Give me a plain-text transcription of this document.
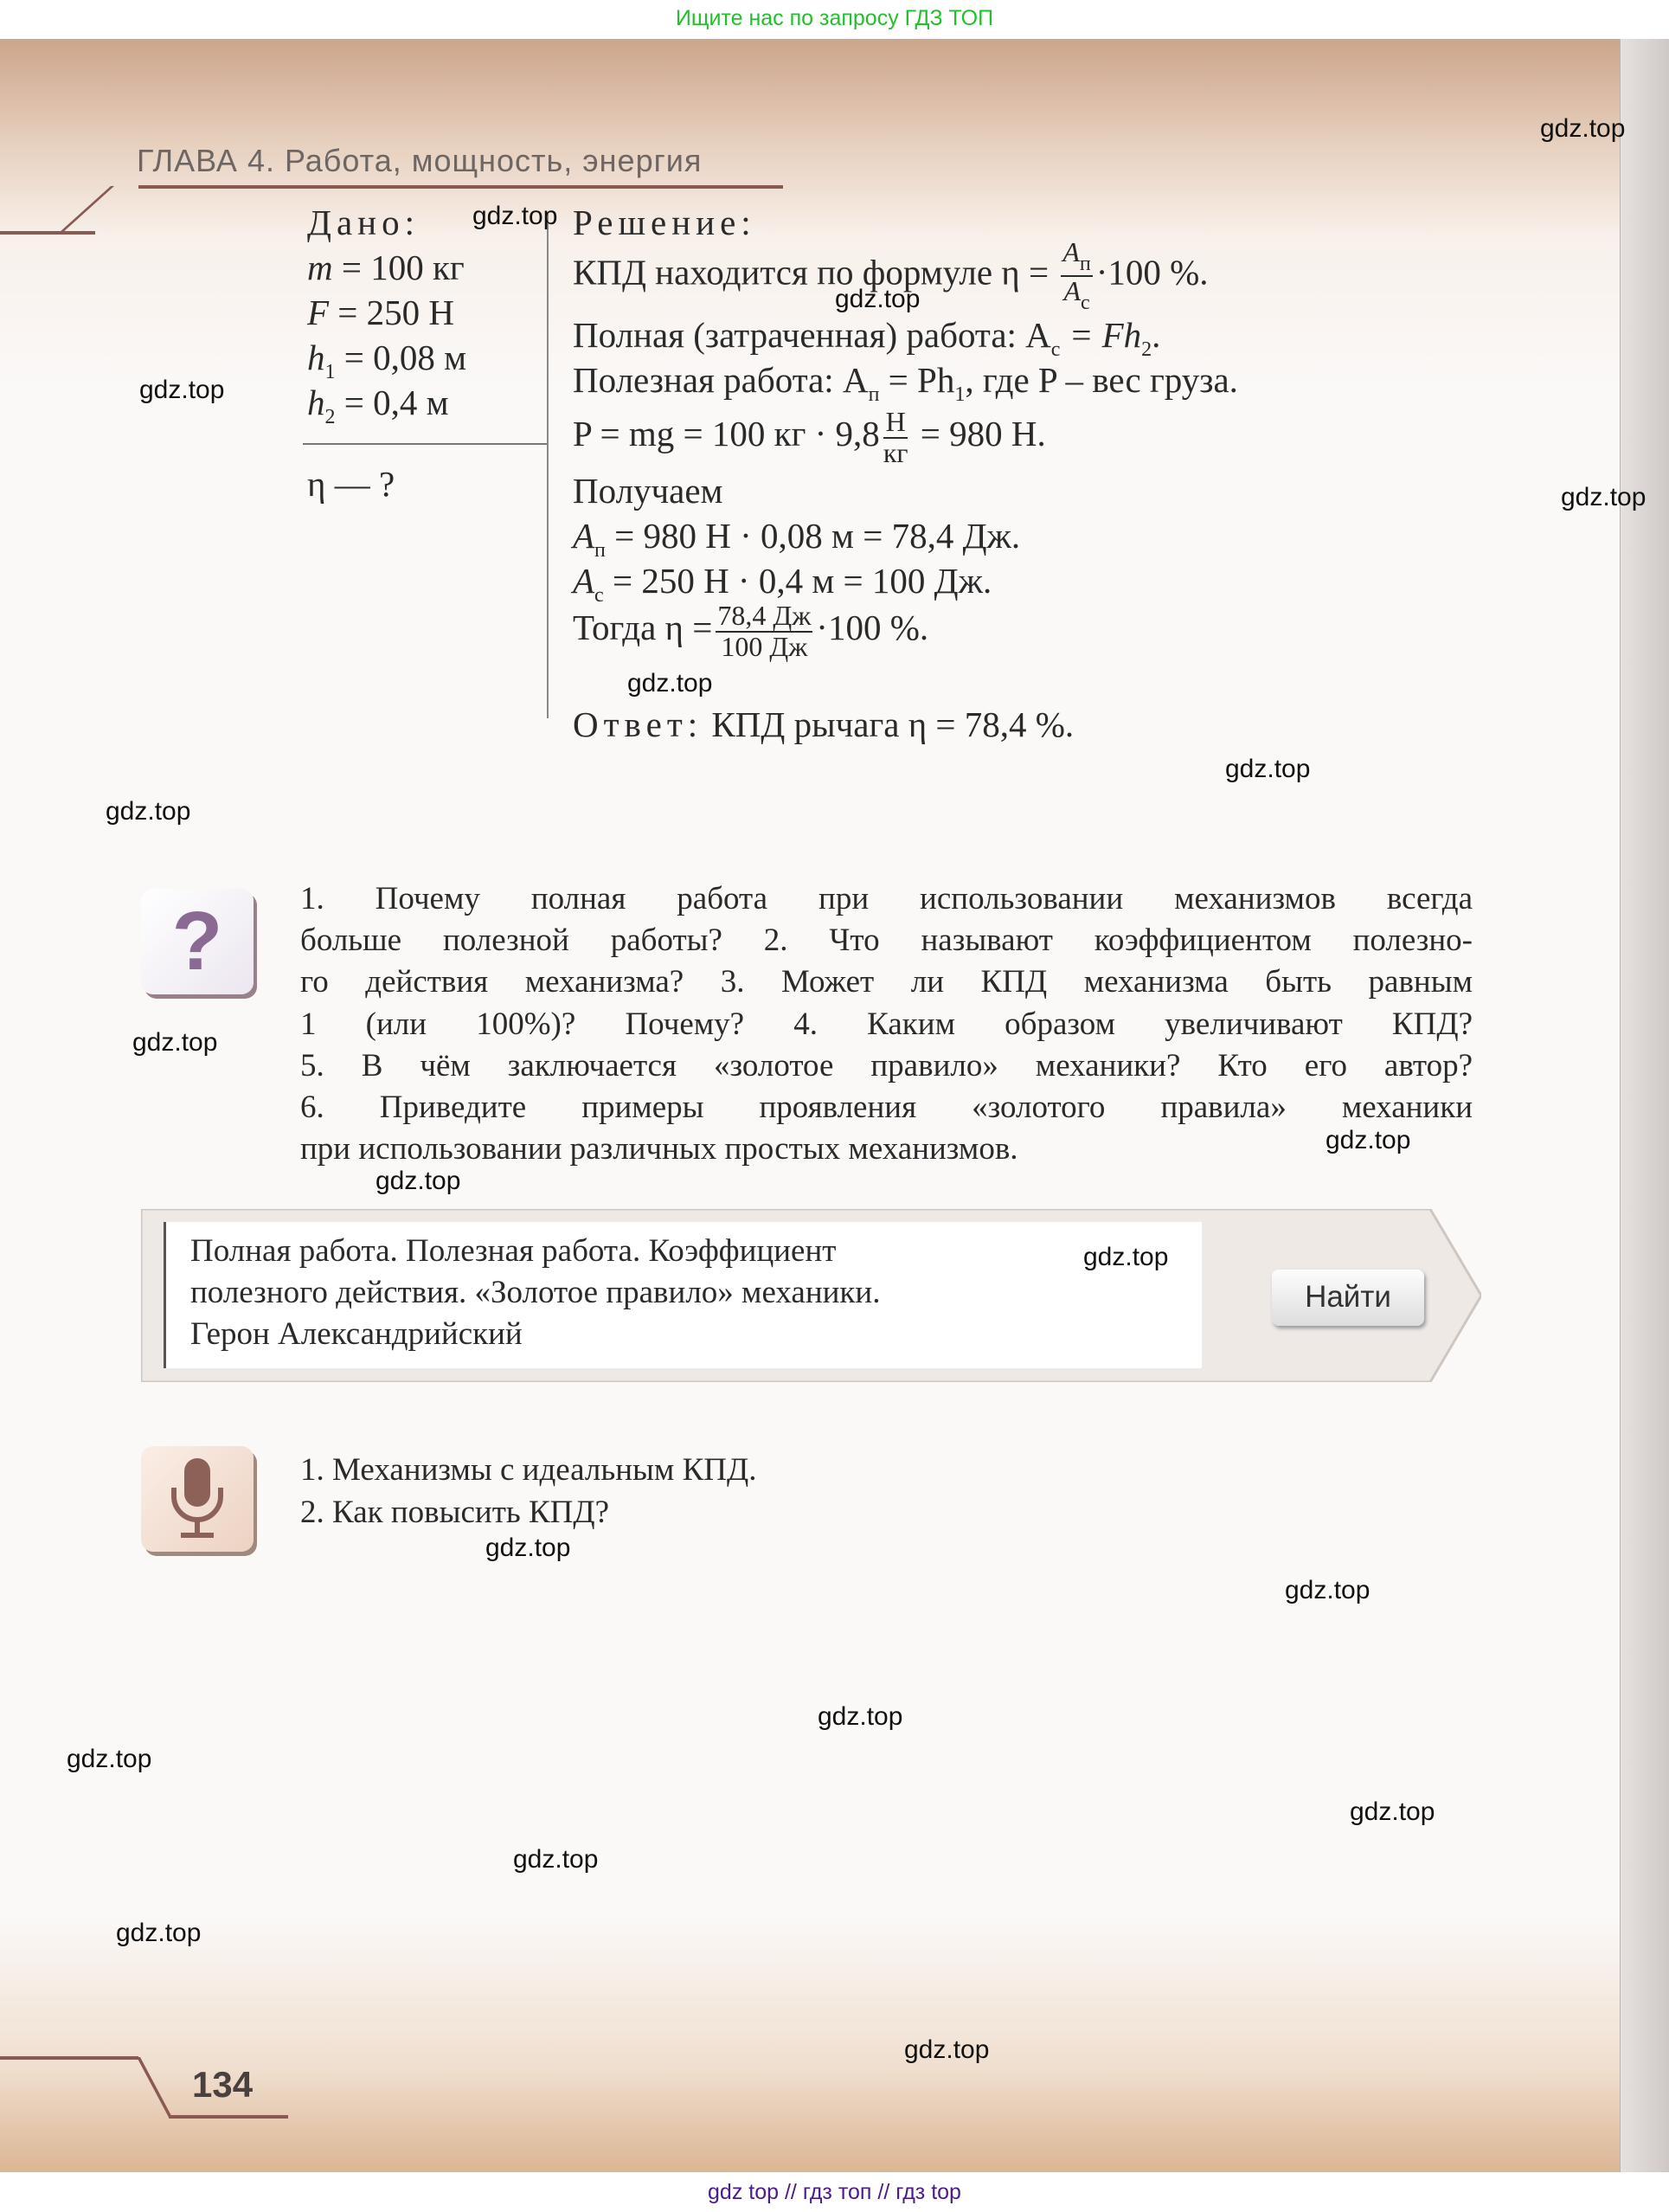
Ищите нас по запросу ГДЗ ТОП
ГЛАВА 4. Работа, мощность, энергия
Дано:
m = 100 кг
F = 250 Н
$h_1 = 0,08$ м
$h_2 = 0,4$ м
η — ?
Решение:
КПД находится по формуле $\eta = \frac{A_п}{A_с} \cdot 100$ %.
Полная (затраченная) работа: $A_с = Fh_2$.
Полезная работа: $A_п = Ph_1$, где P – вес груза.
P = mg = 100 кг · $9,8 \frac{Н}{кг} = 980$ Н.
Получаем
$A_п = 980$ Н · 0,08 м = 78,4 Дж.
$A_с = 250$ Н · 0,4 м = 100 Дж.
Тогда $\eta = \frac{78,4 Дж}{100 Дж} \cdot 100$ %.
Ответ: КПД рычага η = 78,4 %.
?	1. Почему полная работа при использовании механизмов всегда
больше полезной работы? 2. Что называют коэффициентом полезно-
го действия механизма? 3. Может ли КПД механизма быть равным
1 (или 100%)? Почему? 4. Каким образом увеличивают КПД?
5. В чём заключается «золотое правило» механики? Кто его автор?
6. Приведите примеры проявления «золотого правила» механики
при использовании различных простых механизмов.
Полная работа. Полезная работа. Коэффициент
полезного действия. «Золотое правило» механики.
Герон Александрийский
Найти
1. Механизмы с идеальным КПД.
2. Как повысить КПД?
134
gdz.top
gdz.top
gdz.top
gdz.top
gdz.top
gdz.top
gdz.top
gdz.top
gdz.top
gdz.top
gdz.top
gdz.top
gdz.top
gdz.top
gdz.top
gdz.top
gdz.top
gdz.top
gdz.top
gdz.top
gdz top // гдз топ // гдз top
